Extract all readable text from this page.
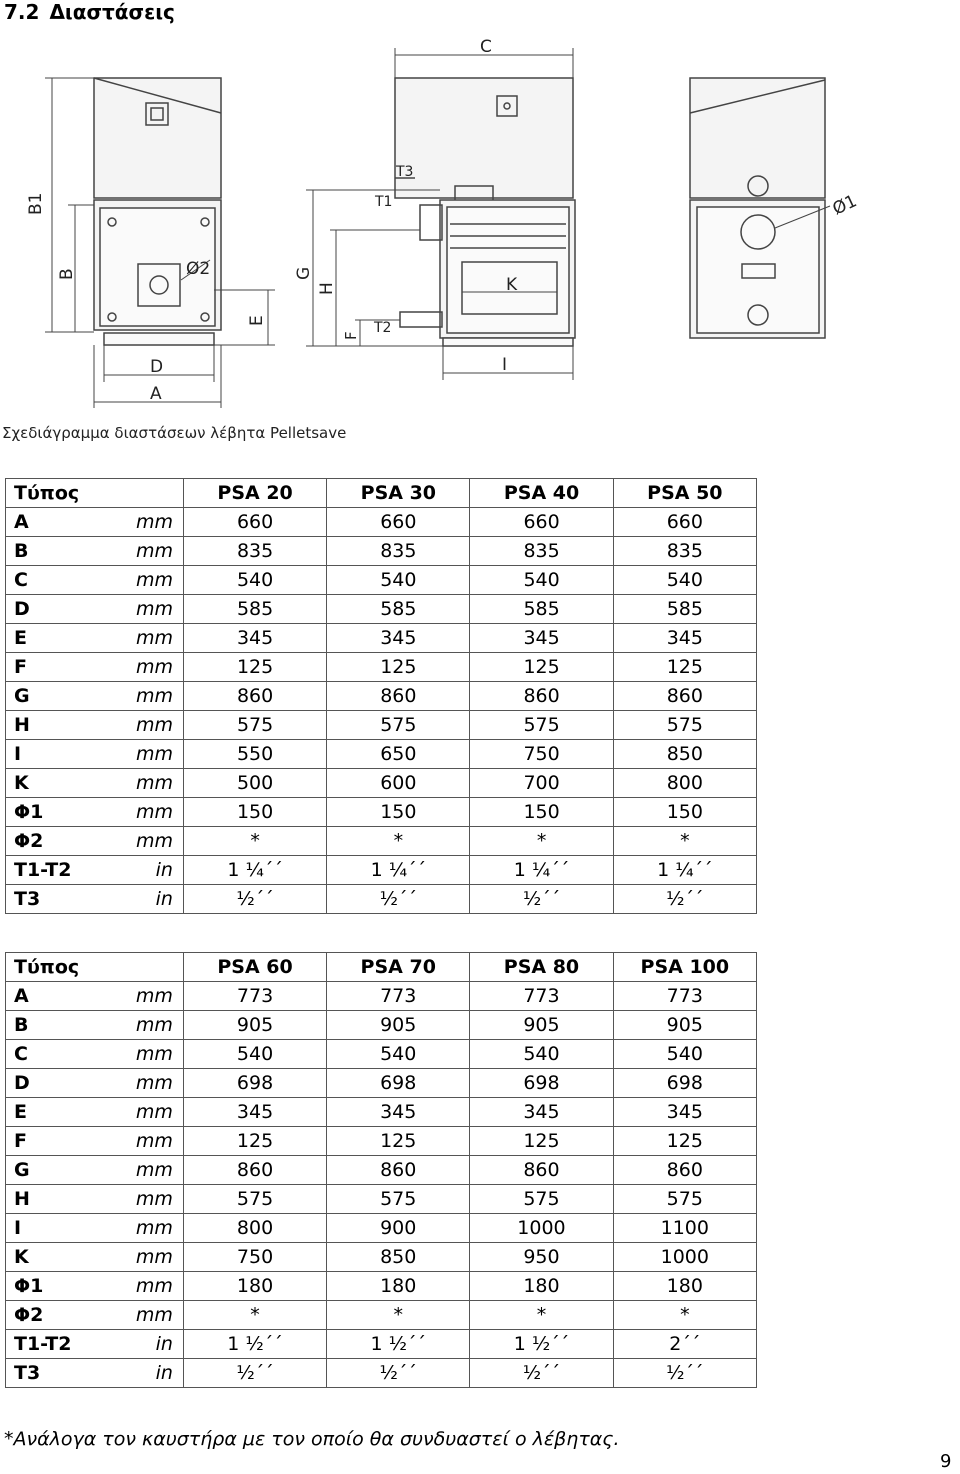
7.2 Διαστάσεις
B1
B
E
D
A
Ø2
C
T3
T1
G
H
F T2
K
I
Ø1
Σχεδιάγραμμα διαστάσεων λέβητα Pelletsave
Τύπος		PSA 20	PSA 30	PSA 40	PSA 50
A	mm	660	660	660	660
B	mm	835	835	835	835
C	mm	540	540	540	540
D	mm	585	585	585	585
E	mm	345	345	345	345
F	mm	125	125	125	125
G	mm	860	860	860	860
H	mm	575	575	575	575
I	mm	550	650	750	850
K	mm	500	600	700	800
Φ1	mm	150	150	150	150
Φ2	mm	*	*	*	*
T1-T2	in	1 ¼΄΄	1 ¼΄΄	1 ¼΄΄	1 ¼΄΄
T3	in	½΄΄	½΄΄	½΄΄	½΄΄
Τύπος		PSA 60	PSA 70	PSA 80	PSA 100
A	mm	773	773	773	773
B	mm	905	905	905	905
C	mm	540	540	540	540
D	mm	698	698	698	698
E	mm	345	345	345	345
F	mm	125	125	125	125
G	mm	860	860	860	860
H	mm	575	575	575	575
I	mm	800	900	1000	1100
K	mm	750	850	950	1000
Φ1	mm	180	180	180	180
Φ2	mm	*	*	*	*
T1-T2	in	1 ½΄΄	1 ½΄΄	1 ½΄΄	2΄΄
T3	in	½΄΄	½΄΄	½΄΄	½΄΄
*Ανάλογα τον καυστήρα με τον οποίο θα συνδυαστεί ο λέβητας.
9
